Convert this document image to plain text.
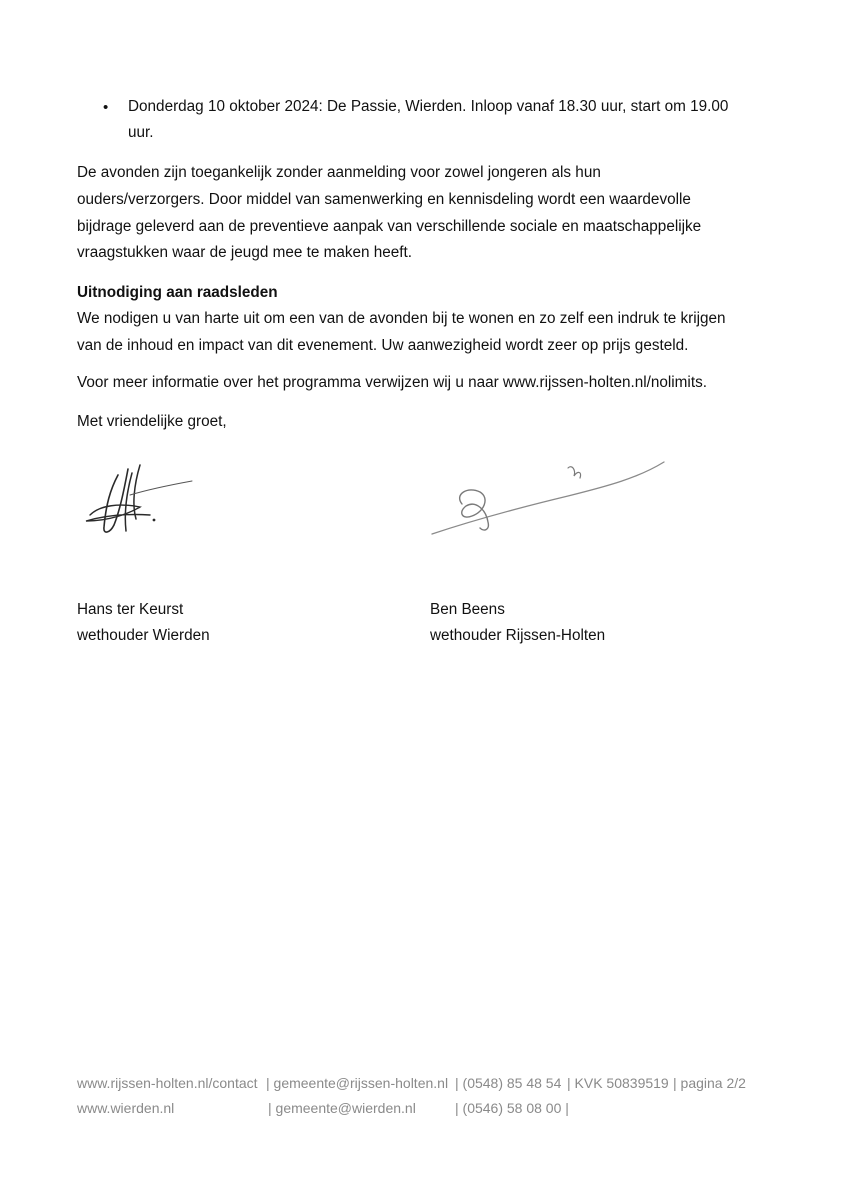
• Donderdag 10 oktober 2024: De Passie, Wierden. Inloop vanaf 18.30 uur, start om 19.00
uur.
De avonden zijn toegankelijk zonder aanmelding voor zowel jongeren als hun
ouders/verzorgers. Door middel van samenwerking en kennisdeling wordt een waardevolle
bijdrage geleverd aan de preventieve aanpak van verschillende sociale en maatschappelijke
vraagstukken waar de jeugd mee te maken heeft.
Uitnodiging aan raadsleden
We nodigen u van harte uit om een van de avonden bij te wonen en zo zelf een indruk te krijgen
van de inhoud en impact van dit evenement. Uw aanwezigheid wordt zeer op prijs gesteld.
Voor meer informatie over het programma verwijzen wij u naar www.rijssen-holten.nl/nolimits.
Met vriendelijke groet,
Hans ter Keurst
wethouder Wierden
Ben Beens
wethouder Rijssen-Holten
www.rijssen-holten.nl/contact | gemeente@rijssen-holten.nl | (0548) 85 48 54 | KVK 50839519 | pagina 2/2
www.wierden.nl	| gemeente@wierden.nl	| (0546) 58 08 00 |
